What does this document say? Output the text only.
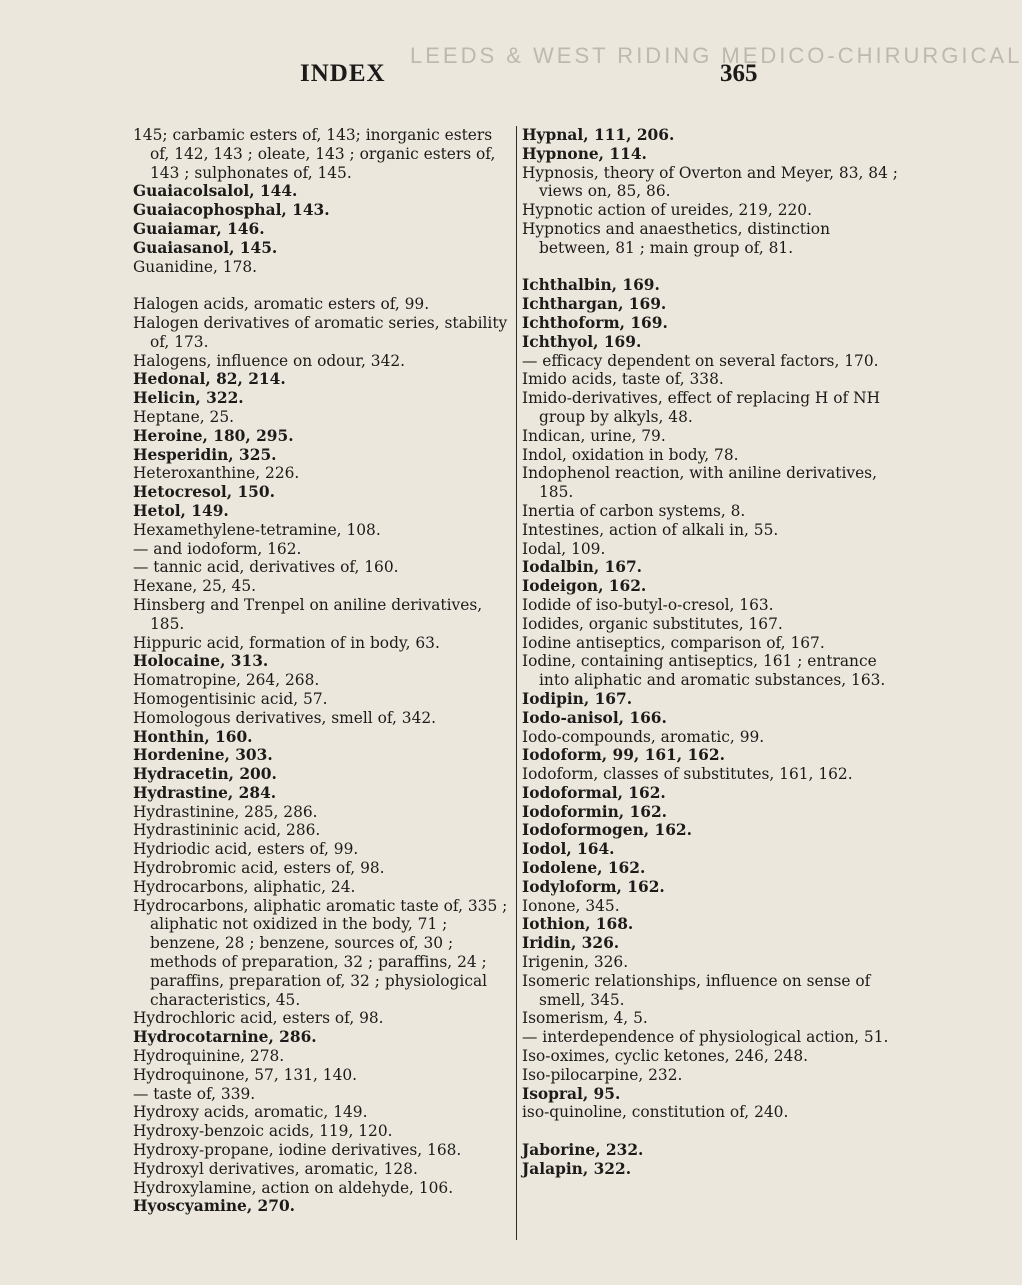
INDEX
LEEDS & WEST RIDING MEDICO-CHIRURGICAL
365
145; carbamic esters of, 143; inorganic esters of, 142, 143 ; oleate, 143 ; organic esters of, 143 ; sulphonates of, 145.
Guaiacolsalol, 144.
Guaiacophosphal, 143.
Guaiamar, 146.
Guaiasanol, 145.
Guanidine, 178.
Halogen acids, aromatic esters of, 99.
Halogen derivatives of aromatic series, stability of, 173.
Halogens, influence on odour, 342.
Hedonal, 82, 214.
Helicin, 322.
Heptane, 25.
Heroine, 180, 295.
Hesperidin, 325.
Heteroxanthine, 226.
Hetocresol, 150.
Hetol, 149.
Hexamethylene-tetramine, 108.
— and iodoform, 162.
— tannic acid, derivatives of, 160.
Hexane, 25, 45.
Hinsberg and Trenpel on aniline derivatives, 185.
Hippuric acid, formation of in body, 63.
Holocaine, 313.
Homatropine, 264, 268.
Homogentisinic acid, 57.
Homologous derivatives, smell of, 342.
Honthin, 160.
Hordenine, 303.
Hydracetin, 200.
Hydrastine, 284.
Hydrastinine, 285, 286.
Hydrastininic acid, 286.
Hydriodic acid, esters of, 99.
Hydrobromic acid, esters of, 98.
Hydrocarbons, aliphatic, 24.
Hydrocarbons, aliphatic aromatic taste of, 335 ; aliphatic not oxidized in the body, 71 ; benzene, 28 ; benzene, sources of, 30 ; methods of preparation, 32 ; paraffins, 24 ; paraffins, preparation of, 32 ; physiological characteristics, 45.
Hydrochloric acid, esters of, 98.
Hydrocotarnine, 286.
Hydroquinine, 278.
Hydroquinone, 57, 131, 140.
— taste of, 339.
Hydroxy acids, aromatic, 149.
Hydroxy-benzoic acids, 119, 120.
Hydroxy-propane, iodine derivatives, 168.
Hydroxyl derivatives, aromatic, 128.
Hydroxylamine, action on aldehyde, 106.
Hyoscyamine, 270.
Hypnal, 111, 206.
Hypnone, 114.
Hypnosis, theory of Overton and Meyer, 83, 84 ; views on, 85, 86.
Hypnotic action of ureides, 219, 220.
Hypnotics and anaesthetics, distinction between, 81 ; main group of, 81.
Ichthalbin, 169.
Ichthargan, 169.
Ichthoform, 169.
Ichthyol, 169.
— efficacy dependent on several factors, 170.
Imido acids, taste of, 338.
Imido-derivatives, effect of replacing H of NH group by alkyls, 48.
Indican, urine, 79.
Indol, oxidation in body, 78.
Indophenol reaction, with aniline derivatives, 185.
Inertia of carbon systems, 8.
Intestines, action of alkali in, 55.
Iodal, 109.
Iodalbin, 167.
Iodeigon, 162.
Iodide of iso-butyl-o-cresol, 163.
Iodides, organic substitutes, 167.
Iodine antiseptics, comparison of, 167.
Iodine, containing antiseptics, 161 ; entrance into aliphatic and aromatic substances, 163.
Iodipin, 167.
Iodo-anisol, 166.
Iodo-compounds, aromatic, 99.
Iodoform, 99, 161, 162.
Iodoform, classes of substitutes, 161, 162.
Iodoformal, 162.
Iodoformin, 162.
Iodoformogen, 162.
Iodol, 164.
Iodolene, 162.
Iodyloform, 162.
Ionone, 345.
Iothion, 168.
Iridin, 326.
Irigenin, 326.
Isomeric relationships, influence on sense of smell, 345.
Isomerism, 4, 5.
— interdependence of physiological action, 51.
Iso-oximes, cyclic ketones, 246, 248.
Iso-pilocarpine, 232.
Isopral, 95.
iso-quinoline, constitution of, 240.
Jaborine, 232.
Jalapin, 322.
